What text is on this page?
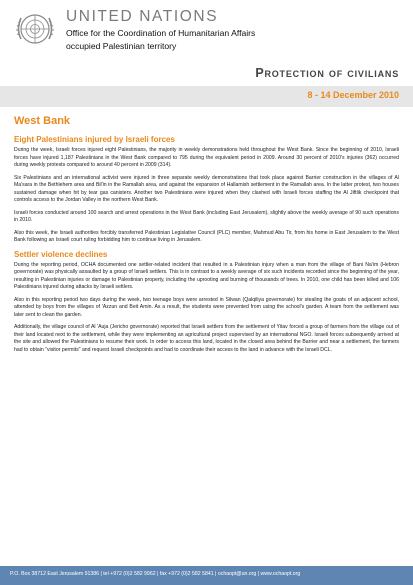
UNITED NATIONS
Office for the Coordination of Humanitarian Affairs
occupied Palestinian territory
Protection of civilians
8 - 14 December 2010
West Bank
Eight Palestinians injured by Israeli forces

During the week, Israeli forces injured eight Palestinians, the majority in weekly demonstrations held throughout the West Bank. Since the beginning of 2010, Israeli forces have injured 1,187 Palestinians in the West Bank compared to 795 during the equivalent period in 2009. Around 30 percent of 2010's injuries (362) occurred during weekly protests compared to around 40 percent in 2009 (314).

Six Palestinians and an international activist were injured in three separate weekly demonstrations that took place against Barrier construction in the villages of Al Ma'sara in the Bethlehem area and Bil'in in the Ramallah area, and against the expansion of Hallamish settlement in the Ramallah area. In the latter protest, two houses sustained damage when hit by tear gas canisters. Another two Palestinians were injured when they clashed with Israeli forces staffing the Al Jiftlik checkpoint that controls access to the Jordan Valley in the northern West Bank.

Israeli forces conducted around 100 search and arrest operations in the West Bank (including East Jerusalem), slightly above the weekly average of 90 such operations in 2010.

Also this week, the Israeli authorities forcibly transferred Palestinian Legislative Council (PLC) member, Mahmud Abu Tir, from his home in East Jerusalem to the West Bank following an Israeli court ruling forbidding him to continue living in Jerusalem.

Settler violence declines

During the reporting period, OCHA documented one settler-related incident that resulted in a Palestinian injury when a man from the village of Bani Na'im (Hebron governorate) was physically assaulted by a group of Israeli settlers. This is in contrast to a weekly average of six such incidents recorded since the beginning of the year, resulting in Palestinian injuries or damage to Palestinian property, including the uprooting and burning of thousands of trees. In 2010, one child has been killed and 106 Palestinians injured during attacks by Israeli settlers.

Also in this reporting period two days during the week, two teenage boys were arrested in Silwan (Qalqiliya governorate) for stealing the goats of an adjacent school, attended by boys from the villages of 'Azzun and Beit Amin. As a result, the students were prevented from using the school's garden. A team from the settlement was later sent to clean the garden.

Additionally, the village council of Al 'Auja (Jericho governorate) reported that Israeli settlers from the settlement of Yitav forced a group of farmers from the village out of their land located next to the settlement, while they were implementing an agricultural project supervised by an international NGO. Israeli forces subsequently arrived at the site and allowed the Palestinians to resume their work. In order to access this land, located in the closed area behind the Barrier and near a settlement, the farmers had to obtain "visitor permits" and request Israeli checkpoints and had to coordinate their access to the land in advance with the Israeli DCL.

P.O. Box 38712 East Jerusalem 91386 | tel +972 (0)2 582 9962 | fax +972 (0)2 582 5841 | ochaopt@un.org | www.ochaopt.org
